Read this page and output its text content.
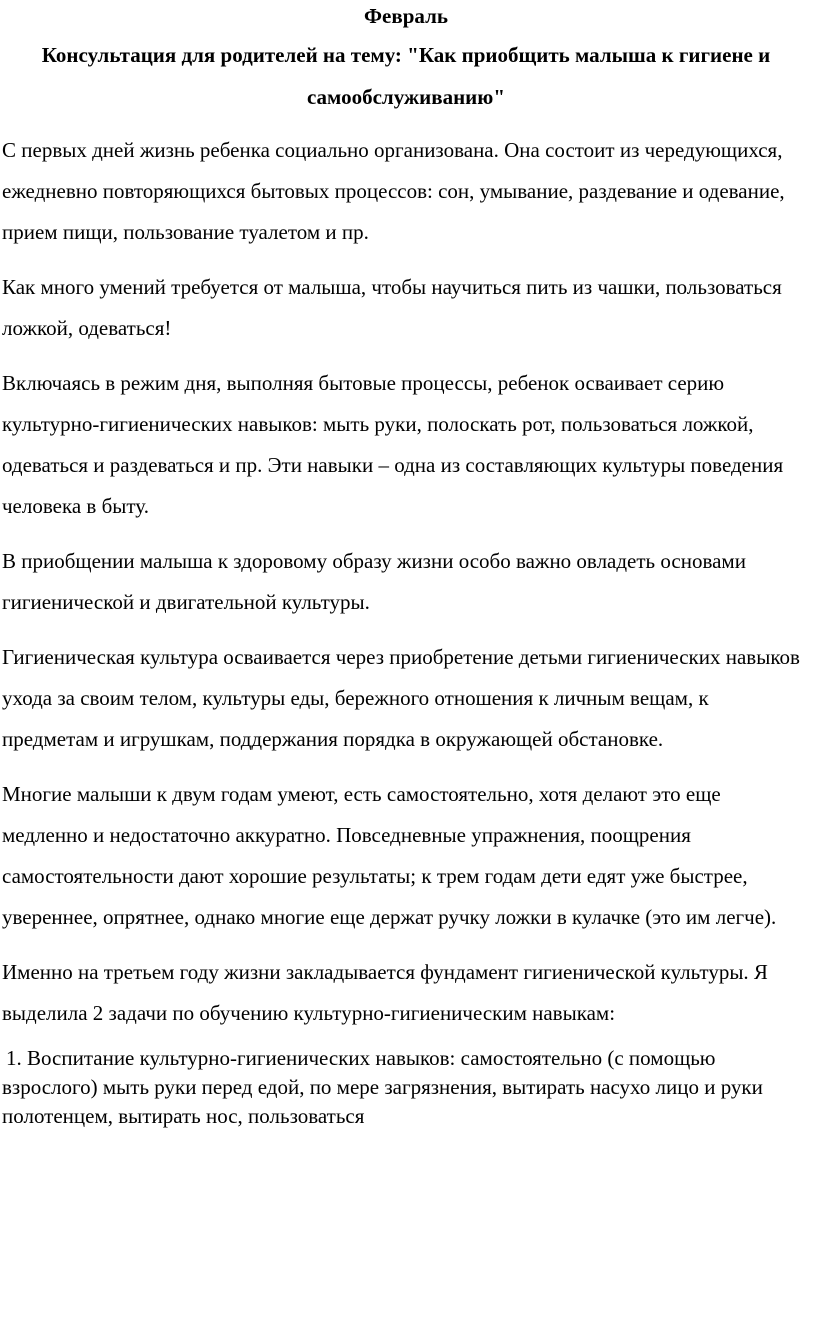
Февраль
Консультация для родителей на тему: "Как приобщить малыша к гигиене и самообслуживанию"

С первых дней жизнь ребенка социально организована. Она состоит из чередующихся, ежедневно повторяющихся бытовых процессов: сон, умывание, раздевание и одевание, прием пищи, пользование туалетом и пр.

Как много умений требуется от малыша, чтобы научиться пить из чашки, пользоваться ложкой, одеваться!

Включаясь в режим дня, выполняя бытовые процессы, ребенок осваивает серию культурно-гигиенических навыков: мыть руки, полоскать рот, пользоваться ложкой, одеваться и раздеваться и пр. Эти навыки – одна из составляющих культуры поведения человека в быту.

В приобщении малыша к здоровому образу жизни особо важно овладеть основами гигиенической и двигательной культуры.

Гигиеническая культура осваивается через приобретение детьми гигиенических навыков ухода за своим телом, культуры еды, бережного отношения к личным вещам, к предметам и игрушкам, поддержания порядка в окружающей обстановке.

Многие малыши к двум годам умеют, есть самостоятельно, хотя делают это еще медленно и недостаточно аккуратно. Повседневные упражнения, поощрения самостоятельности дают хорошие результаты; к трем годам дети едят уже быстрее, увереннее, опрятнее, однако многие еще держат ручку ложки в кулачке (это им легче).

Именно на третьем году жизни закладывается фундамент гигиенической культуры. Я выделила 2 задачи по обучению культурно-гигиеническим навыкам:

1. Воспитание культурно-гигиенических навыков: самостоятельно (с помощью взрослого) мыть руки перед едой, по мере загрязнения, вытирать насухо лицо и руки полотенцем, вытирать нос, пользоваться
